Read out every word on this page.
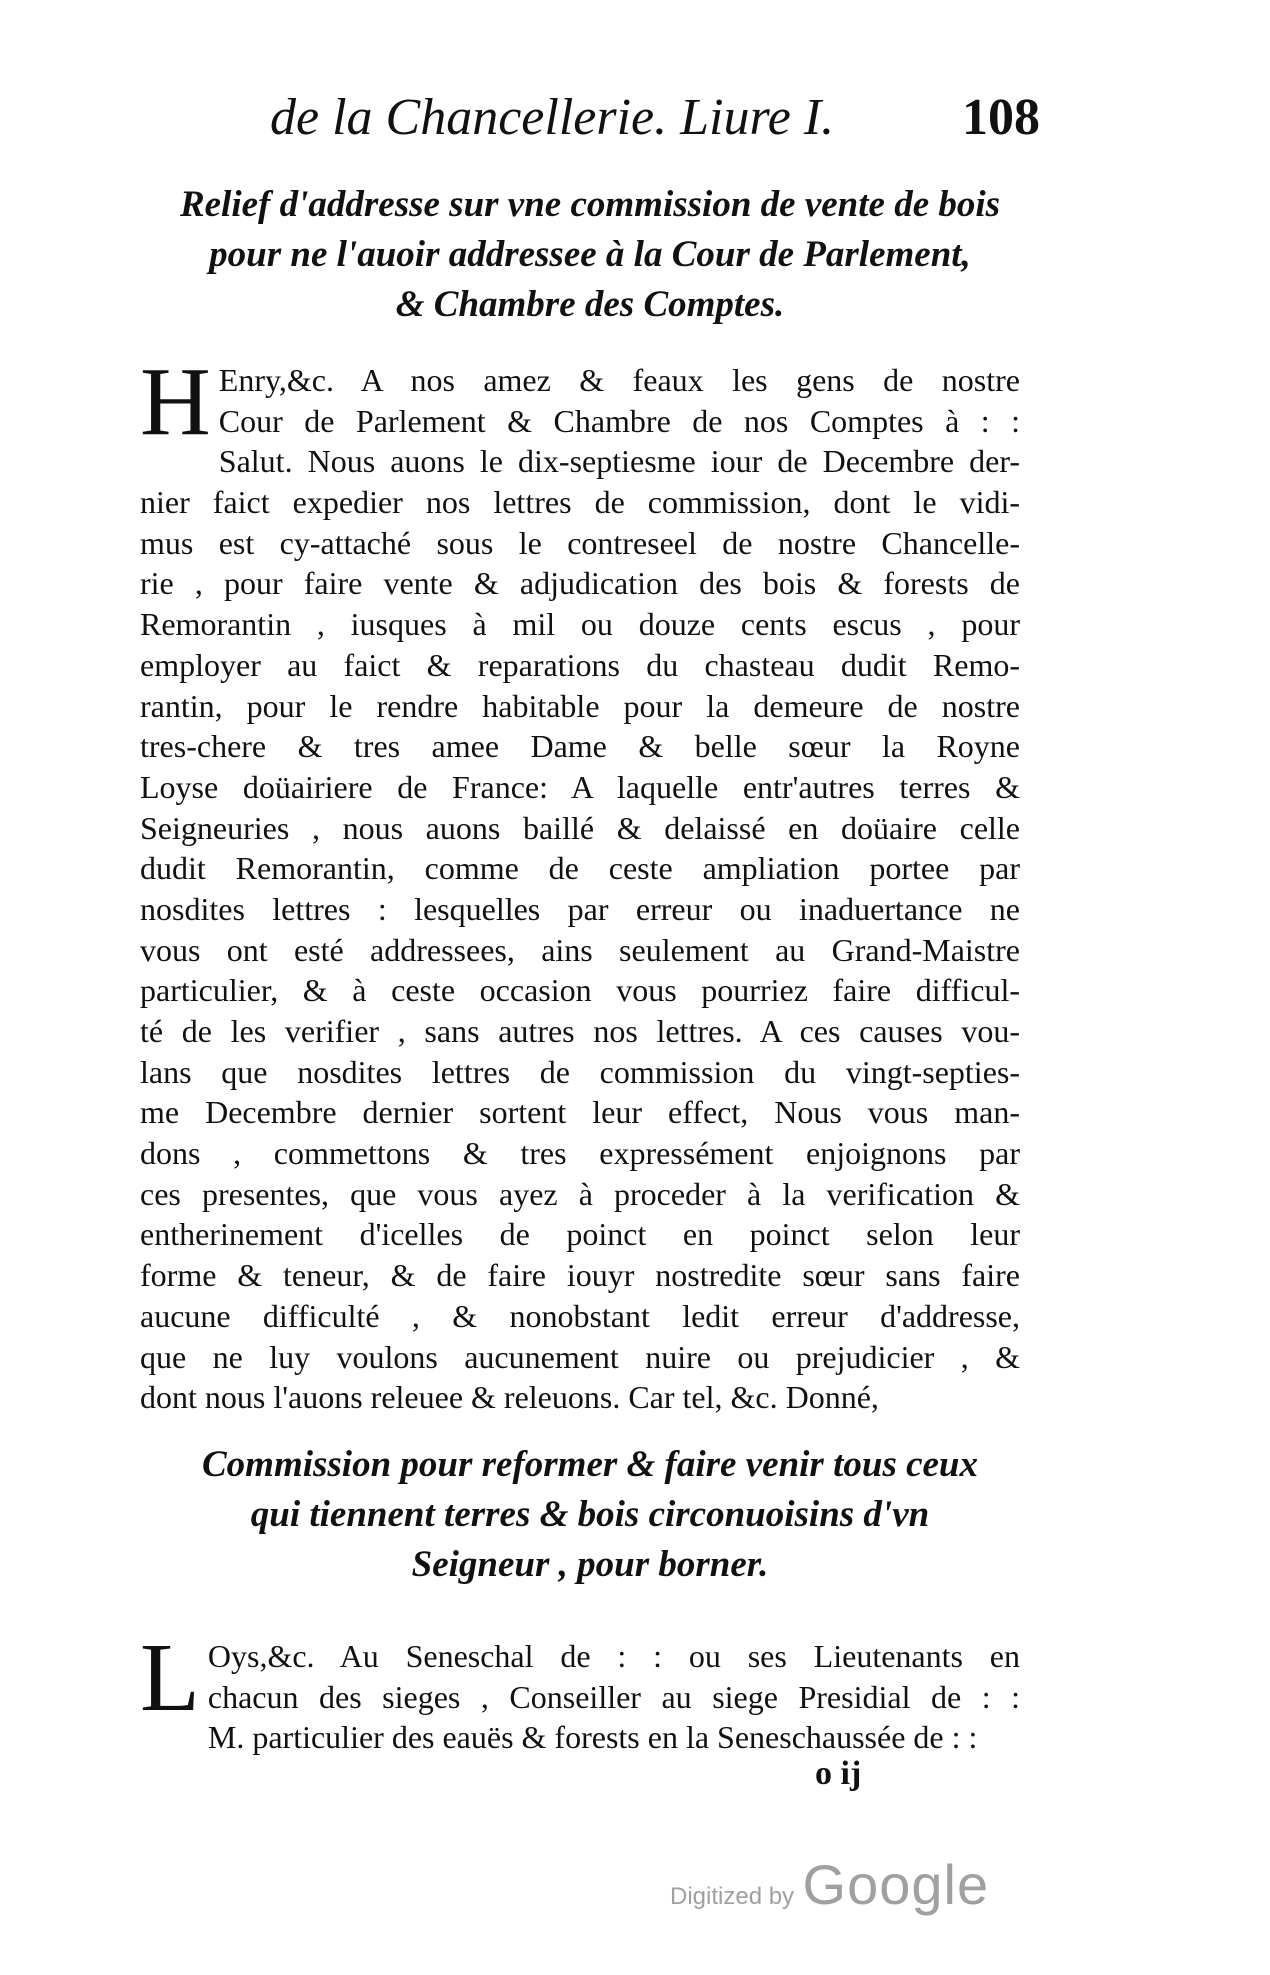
de la Chancellerie. Liure I. 108
Relief d'addresse sur vne commission de vente de bois
pour ne l'auoir addressee à la Cour de Parlement,
& Chambre des Comptes.
H Enry,&c. A nos amez & feaux les gens de nostre
Cour de Parlement & Chambre de nos Comptes à : :
Salut. Nous auons le dix-septiesme iour de Decembre der-
nier faict expedier nos lettres de commission, dont le vidi-
mus est cy-attaché sous le contreseel de nostre Chancelle-
rie , pour faire vente & adjudication des bois & forests de
Remorantin , iusques à mil ou douze cents escus , pour
employer au faict & reparations du chasteau dudit Remo-
rantin, pour le rendre habitable pour la demeure de nostre
tres-chere & tres amee Dame & belle sœur la Royne
Loyse doüairiere de France: A laquelle entr'autres terres &
Seigneuries , nous auons baillé & delaissé en doüaire celle
dudit Remorantin, comme de ceste ampliation portee par
nosdites lettres : lesquelles par erreur ou inaduertance ne
vous ont esté addressees, ains seulement au Grand-Maistre
particulier, & à ceste occasion vous pourriez faire difficul-
té de les verifier , sans autres nos lettres. A ces causes vou-
lans que nosdites lettres de commission du vingt-septies-
me Decembre dernier sortent leur effect, Nous vous man-
dons , commettons & tres expressément enjoignons par
ces presentes, que vous ayez à proceder à la verification &
entherinement d'icelles de poinct en poinct selon leur
forme & teneur, & de faire iouyr nostredite sœur sans faire
aucune difficulté , & nonobstant ledit erreur d'addresse,
que ne luy voulons aucunement nuire ou prejudicier , &
dont nous l'auons releuee & releuons. Car tel, &c. Donné,
Commission pour reformer & faire venir tous ceux
qui tiennent terres & bois circonuoisins d'vn
Seigneur , pour borner.
L Oys,&c. Au Seneschal de : : ou ses Lieutenants en
chacun des sieges , Conseiller au siege Presidial de : :
M. particulier des eauës & forests en la Seneschaussée de : :
o ij
Digitized by Google
